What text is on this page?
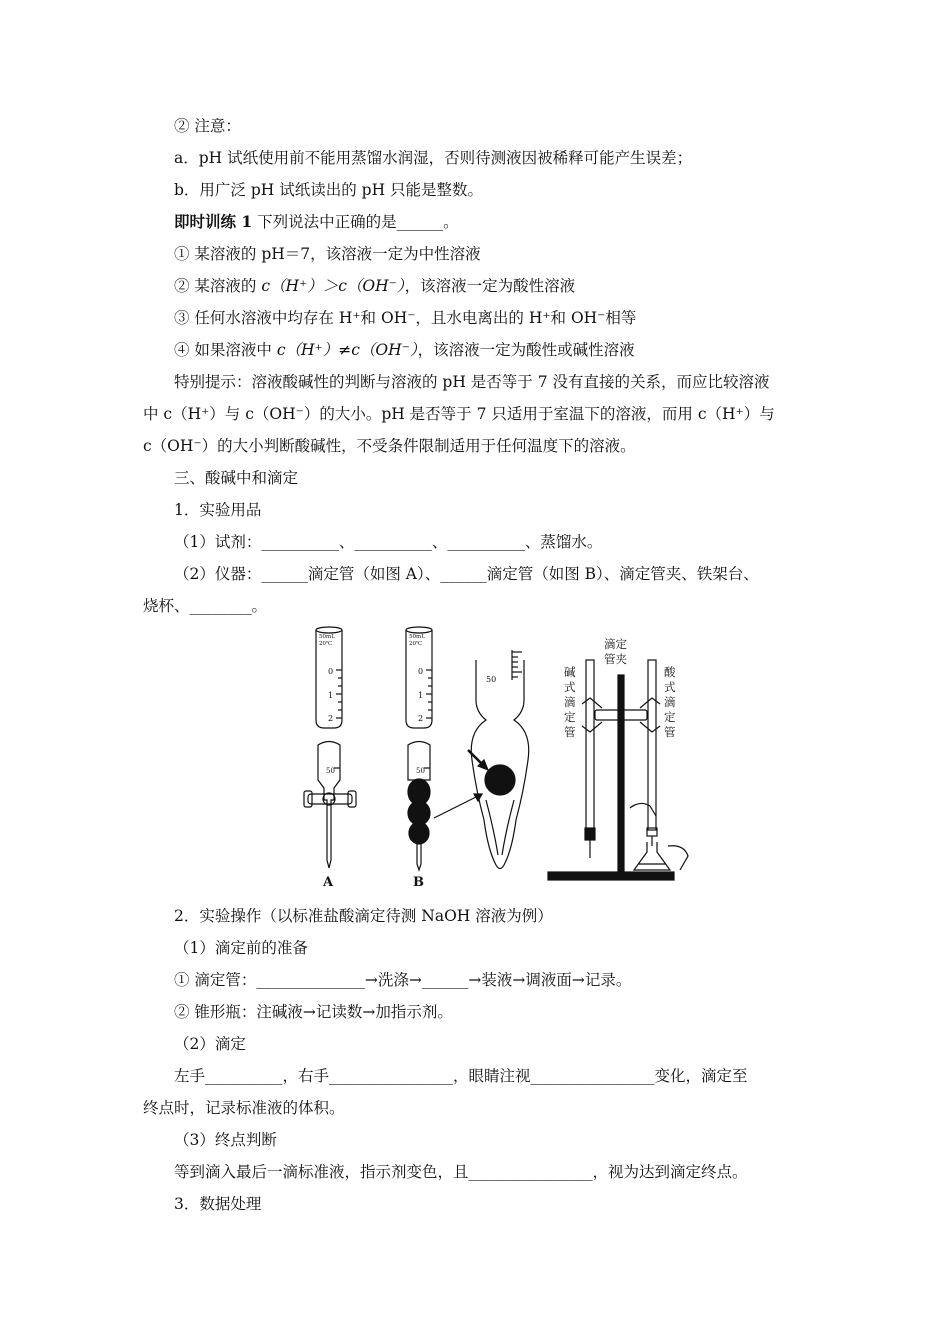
② 注意：
a．pH 试纸使用前不能用蒸馏水润湿，否则待测液因被稀释可能产生误差；
b．用广泛 pH 试纸读出的 pH 只能是整数。
即时训练 1 下列说法中正确的是______。
① 某溶液的 pH＝7，该溶液一定为中性溶液
② 某溶液的 c（H⁺）＞c（OH⁻），该溶液一定为酸性溶液
③ 任何水溶液中均存在 H⁺和 OH⁻，且水电离出的 H⁺和 OH⁻相等
④ 如果溶液中 c（H⁺）≠c（OH⁻），该溶液一定为酸性或碱性溶液
特别提示：溶液酸碱性的判断与溶液的 pH 是否等于 7 没有直接的关系，而应比较溶液
中 c（H⁺）与 c（OH⁻）的大小。pH 是否等于 7 只适用于室温下的溶液，而用 c（H⁺）与
c（OH⁻）的大小判断酸碱性，不受条件限制适用于任何温度下的溶液。
三、酸碱中和滴定
1．实验用品
（1）试剂：__________、__________、__________、蒸馏水。
（2）仪器：______滴定管（如图 A）、______滴定管（如图 B）、滴定管夹、铁架台、
烧杯、________。
50mL
20℃
0
1
2
50
A
50mL
20℃
0
1
2
50
B
50
碱
式
滴
定
管
滴定
管夹
酸
式
滴
定
管
2．实验操作（以标准盐酸滴定待测 NaOH 溶液为例）
（1）滴定前的准备
① 滴定管：______________→洗涤→______→装液→调液面→记录。
② 锥形瓶：注碱液→记读数→加指示剂。
（2）滴定
左手__________，右手________________，眼睛注视________________变化，滴定至
终点时，记录标准液的体积。
（3）终点判断
等到滴入最后一滴标准液，指示剂变色，且________________，视为达到滴定终点。
3．数据处理
